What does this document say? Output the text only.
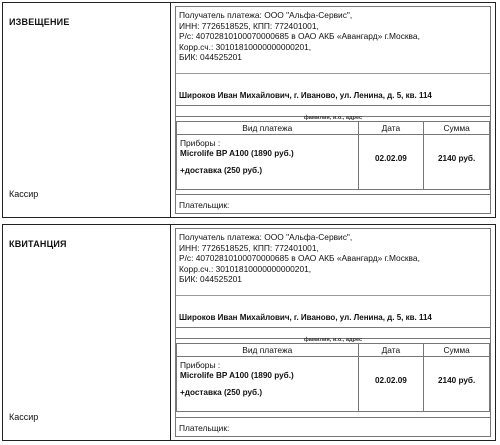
ИЗВЕЩЕНИЕ
Кассир
Получатель платежа: ООО "Альфа-Сервис",
ИНН: 7726518525, КПП: 772401001,
Р/с: 40702810100070000685 в ОАО АКБ «Авангард» г.Москва,
Корр.сч.: 30101810000000000201,
БИК: 044525201
Широков Иван Михайлович, г. Иваново, ул. Ленина, д. 5, кв. 114
фамилия, и.о., адрес
Вид платежа	Дата	Сумма

Приборы :
Microlife BP A100 (1890 руб.)
+доставка (250 руб.)	02.02.09	2140 руб.
Плательщик:
КВИТАНЦИЯ
Кассир
Получатель платежа: ООО "Альфа-Сервис",
ИНН: 7726518525, КПП: 772401001,
Р/с: 40702810100070000685 в ОАО АКБ «Авангард» г.Москва,
Корр.сч.: 30101810000000000201,
БИК: 044525201
Широков Иван Михайлович, г. Иваново, ул. Ленина, д. 5, кв. 114
фамилия, и.о., адрес
Вид платежа	Дата	Сумма

Приборы :
Microlife BP A100 (1890 руб.)
+доставка (250 руб.)	02.02.09	2140 руб.
Плательщик:
